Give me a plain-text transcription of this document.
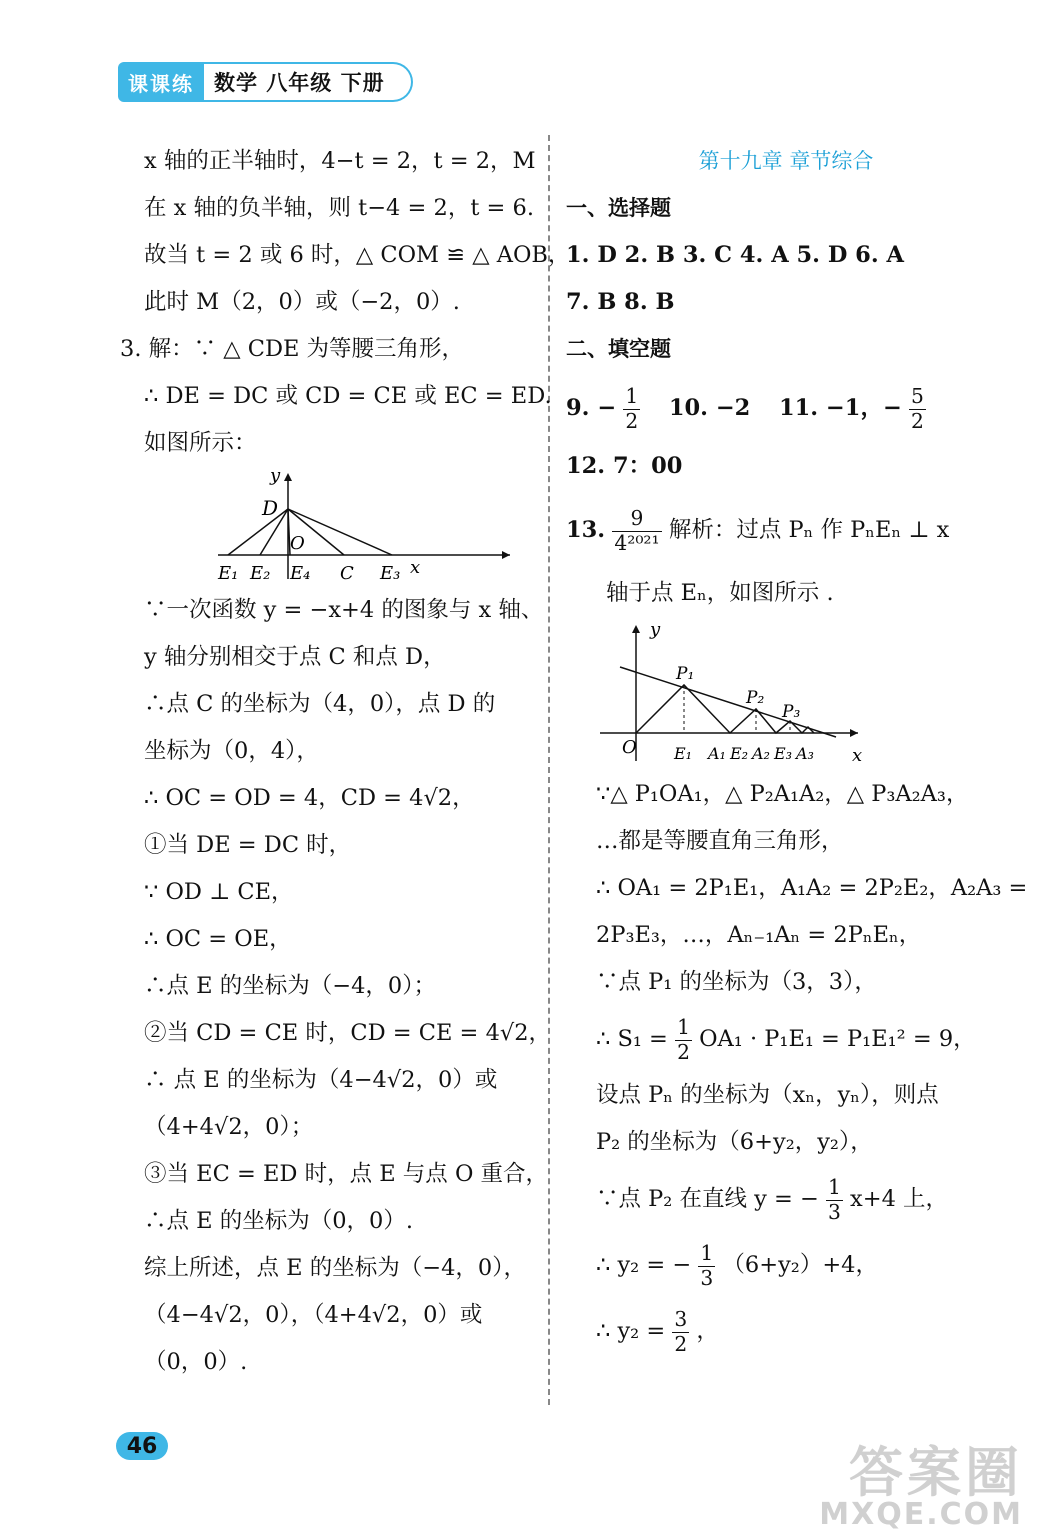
课课练 数学 八年级 下册

x 轴的正半轴时，4−t = 2，t = 2，M

在 x 轴的负半轴，则 t−4 = 2，t = 6.

故当 t = 2 或 6 时，△ COM ≌ △ AOB，

此时 M（2，0）或（−2，0）.

3. 解：∵ △ CDE 为等腰三角形，

∴ DE = DC 或 CD = CE 或 EC = ED.

如图所示：

y
D
O
E₁ E₂ E₄ C E₃ x

∵一次函数 y = −x+4 的图象与 x 轴、

y 轴分别相交于点 C 和点 D，

∴点 C 的坐标为（4，0），点 D 的

坐标为（0，4），

∴ OC = OD = 4，CD = 4√2，

①当 DE = DC 时，

∵ OD ⊥ CE，

∴ OC = OE，

∴点 E 的坐标为（−4，0）；

②当 CD = CE 时，CD = CE = 4√2，

∴ 点 E 的坐标为（4−4√2，0）或

（4+4√2，0）；

③当 EC = ED 时，点 E 与点 O 重合，

∴点 E 的坐标为（0，0）.

综上所述，点 E 的坐标为（−4，0），

（4−4√2，0），（4+4√2，0）或

（0，0）.

第十九章 章节综合

一、选择题

1. D 2. B 3. C 4. A 5. D 6. A

7. B 8. B

二、填空题

9. − $\frac{1}{2} 10$. −2 11. −1，− $\frac{5}{2}$

12. 7：00

13. $\frac{9}{\text{4²⁰²¹}}$ 解析：过点 Pₙ 作 PₙEₙ ⊥ x

轴于点 Eₙ，如图所示 .

y
O	x
P₁
P₂
P₃
E₁ A₁ E₂ A₂ E₃ A₃

∵△ P₁OA₁，△ P₂A₁A₂，△ P₃A₂A₃，

…都是等腰直角三角形，

∴ OA₁ = 2P₁E₁，A₁A₂ = 2P₂E₂，A₂A₃ =

2P₃E₃，…，Aₙ₋₁Aₙ = 2PₙEₙ，

∵点 P₁ 的坐标为（3，3），

∴ $S_1 = \frac{1}{2} OA_1 \cdot P_1E_1 = P_1E_1^2 = 9$，

设点 Pₙ 的坐标为（xₙ，yₙ），则点

P₂ 的坐标为（6+y₂，y₂），

∵点 P₂ 在直线 y = − $\frac{1}{3} x+4$ 上，

∴ y₂ = − $\frac{1}{3} (6+y_2)+4$，

∴ $y_2 = \frac{3}{2}$ ，

46	答案圈
MXQE.COM
